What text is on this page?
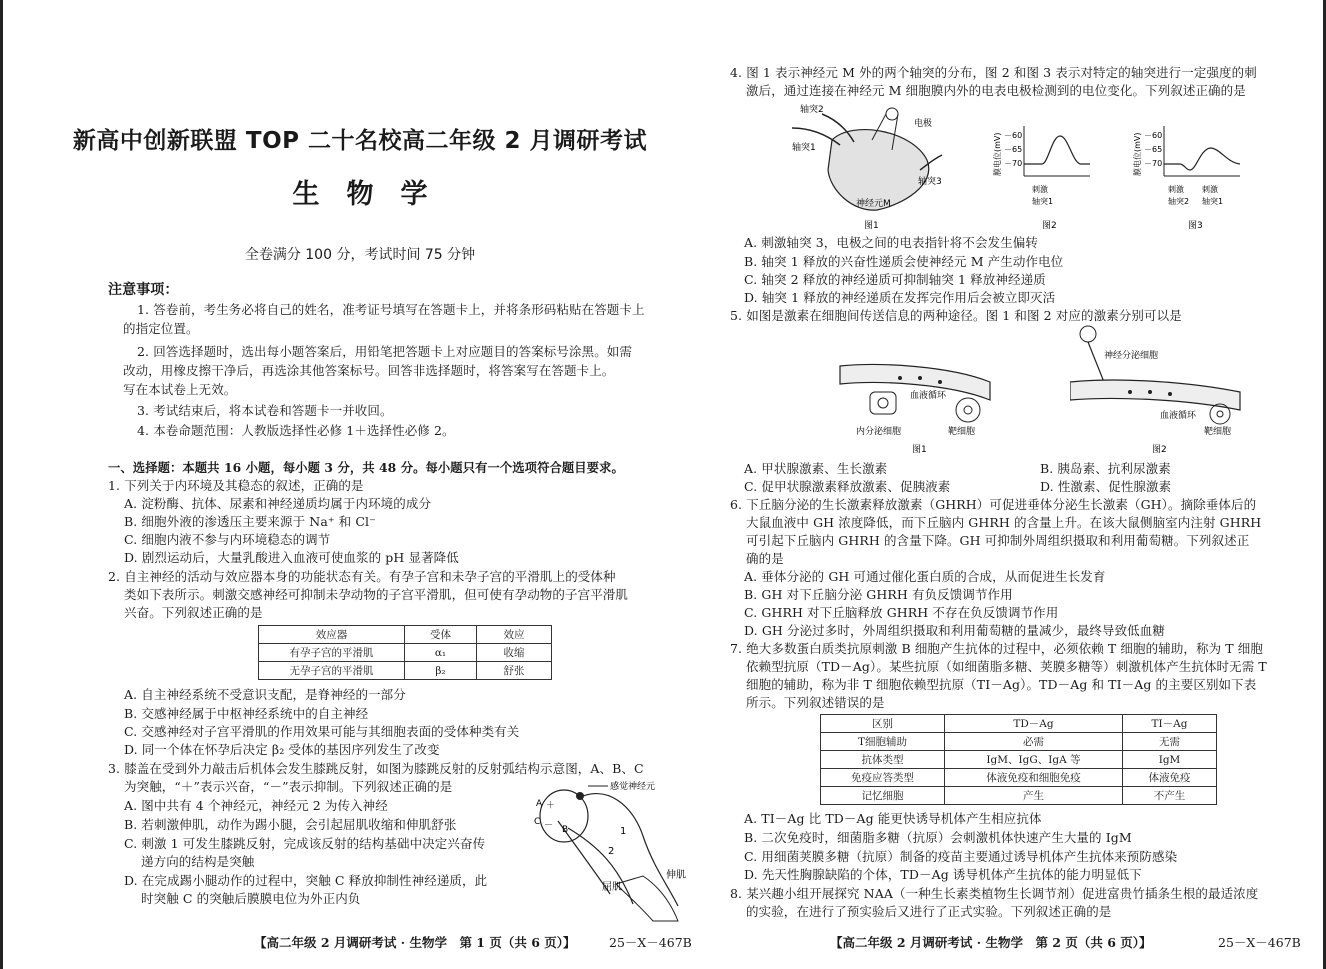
新高中创新联盟 TOP 二十名校高二年级 2 月调研考试
生　物　学
全卷满分 100 分，考试时间 75 分钟
注意事项：
1. 答卷前，考生务必将自己的姓名，准考证号填写在答题卡上，并将条形码粘贴在答题卡上
的指定位置。
2. 回答选择题时，选出每小题答案后，用铅笔把答题卡上对应题目的答案标号涂黑。如需
改动，用橡皮擦干净后，再选涂其他答案标号。回答非选择题时，将答案写在答题卡上。
写在本试卷上无效。
3. 考试结束后，将本试卷和答题卡一并收回。
4. 本卷命题范围：人教版选择性必修 1＋选择性必修 2。
一、选择题：本题共 16 小题，每小题 3 分，共 48 分。每小题只有一个选项符合题目要求。
1. 下列关于内环境及其稳态的叙述，正确的是
A. 淀粉酶、抗体、尿素和神经递质均属于内环境的成分
B. 细胞外液的渗透压主要来源于 Na⁺ 和 Cl⁻
C. 细胞内液不参与内环境稳态的调节
D. 剧烈运动后，大量乳酸进入血液可使血浆的 pH 显著降低
2. 自主神经的活动与效应器本身的功能状态有关。有孕子宫和未孕子宫的平滑肌上的受体种
类如下表所示。刺激交感神经可抑制未孕动物的子宫平滑肌，但可使有孕动物的子宫平滑肌
兴奋。下列叙述正确的是
效应器	受体	效应
有孕子宫的平滑肌	α₁	收缩
无孕子宫的平滑肌	β₂	舒张
A. 自主神经系统不受意识支配，是脊神经的一部分
B. 交感神经属于中枢神经系统中的自主神经
C. 交感神经对子宫平滑肌的作用效果可能与其细胞表面的受体种类有关
D. 同一个体在怀孕后决定 β₂ 受体的基因序列发生了改变
3. 膝盖在受到外力敲击后机体会发生膝跳反射，如图为膝跳反射的反射弧结构示意图，A、B、C
为突触，“＋”表示兴奋，“－”表示抑制。下列叙述正确的是
A. 图中共有 4 个神经元，神经元 2 为传入神经
B. 若刺激伸肌，动作为踢小腿，会引起屈肌收缩和伸肌舒张
C. 刺激 1 可发生膝跳反射，完成该反射的结构基础中决定兴奋传
递方向的结构是突触
D. 在完成踢小腿动作的过程中，突触 C 释放抑制性神经递质，此
时突触 C 的突触后膜膜电位为外正内负
感觉神经元
屈肌
伸肌
1
2
A
B
C
＋
－
【高二年级 2 月调研考试 · 生物学　第 1 页（共 6 页）】	25－X－467B
4. 图 1 表示神经元 M 外的两个轴突的分布，图 2 和图 3 表示对特定的轴突进行一定强度的刺
激后，通过连接在神经元 M 细胞膜内外的电表电极检测到的电位变化。下列叙述正确的是
轴突2
轴突1
轴突3
电极
神经元M
图1
膜电位(mV) －60
－65
－70
刺激
轴突1
图2
膜电位(mV) －60
－65
－70
刺激
轴突2
刺激
轴突1
图3
A. 刺激轴突 3，电极之间的电表指针将不会发生偏转
B. 轴突 1 释放的兴奋性递质会使神经元 M 产生动作电位
C. 轴突 2 释放的神经递质可抑制轴突 1 释放神经递质
D. 轴突 1 释放的神经递质在发挥完作用后会被立即灭活
5. 如图是激素在细胞间传送信息的两种途径。图 1 和图 2 对应的激素分别可以是
血液循环
内分泌细胞	靶细胞
图1
神经分泌细胞
血液循环
靶细胞
图2
A. 甲状腺激素、生长激素	B. 胰岛素、抗利尿激素
C. 促甲状腺激素释放激素、促胰液素	D. 性激素、促性腺激素
6. 下丘脑分泌的生长激素释放激素（GHRH）可促进垂体分泌生长激素（GH）。摘除垂体后的
大鼠血液中 GH 浓度降低，而下丘脑内 GHRH 的含量上升。在该大鼠侧脑室内注射 GHRH
可引起下丘脑内 GHRH 的含量下降。GH 可抑制外周组织摄取和利用葡萄糖。下列叙述正
确的是
A. 垂体分泌的 GH 可通过催化蛋白质的合成，从而促进生长发育
B. GH 对下丘脑分泌 GHRH 有负反馈调节作用
C. GHRH 对下丘脑释放 GHRH 不存在负反馈调节作用
D. GH 分泌过多时，外周组织摄取和利用葡萄糖的量减少，最终导致低血糖
7. 绝大多数蛋白质类抗原刺激 B 细胞产生抗体的过程中，必须依赖 T 细胞的辅助，称为 T 细胞
依赖型抗原（TD－Ag）。某些抗原（如细菌脂多糖、荚膜多糖等）刺激机体产生抗体时无需 T
细胞的辅助，称为非 T 细胞依赖型抗原（TI－Ag）。TD－Ag 和 TI－Ag 的主要区别如下表
所示。下列叙述错误的是
区别	TD－Ag	TI－Ag
T细胞辅助	必需	无需
抗体类型	IgM、IgG、IgA 等	IgM
免疫应答类型	体液免疫和细胞免疫	体液免疫
记忆细胞	产生	不产生
A. TI－Ag 比 TD－Ag 能更快诱导机体产生相应抗体
B. 二次免疫时，细菌脂多糖（抗原）会刺激机体快速产生大量的 IgM
C. 用细菌荚膜多糖（抗原）制备的疫苗主要通过诱导机体产生抗体来预防感染
D. 先天性胸腺缺陷的个体，TD－Ag 诱导机体产生抗体的能力明显低下
8. 某兴趣小组开展探究 NAA（一种生长素类植物生长调节剂）促进富贵竹插条生根的最适浓度
的实验，在进行了预实验后又进行了正式实验。下列叙述正确的是
【高二年级 2 月调研考试 · 生物学　第 2 页（共 6 页）】	25－X－467B
